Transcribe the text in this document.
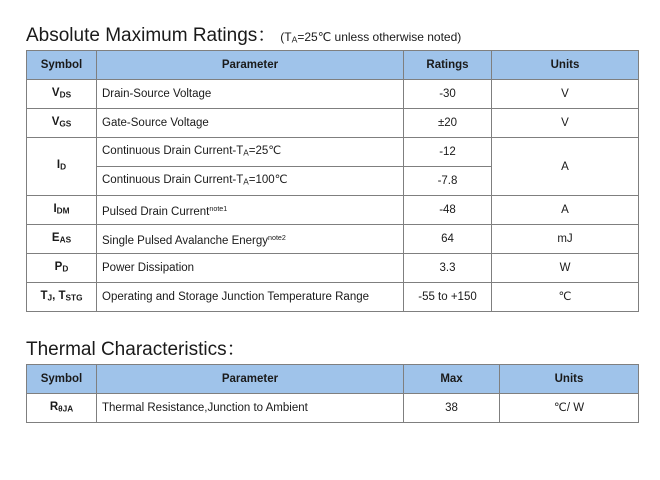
Absolute Maximum Ratings： (TA=25℃ unless otherwise noted)
Symbol	Parameter	Ratings	Units
VDS	Drain-Source Voltage	-30	V
VGS	Gate-Source Voltage	±20	V
ID	Continuous Drain Current-TA=25℃	-12	A
	Continuous Drain Current-TA=100℃	-7.8	
IDM	Pulsed Drain Current$^{note1}$	-48	A
EAS	Single Pulsed Avalanche Energy$^{note2}$	64	mJ
PD	Power Dissipation	3.3	W
TJ, TSTG	Operating and Storage Junction Temperature Range	-55 to +150	℃
Thermal Characteristics：
Symbol	Parameter	Max	Units
RθJA	Thermal Resistance,Junction to Ambient	38	℃/ W
